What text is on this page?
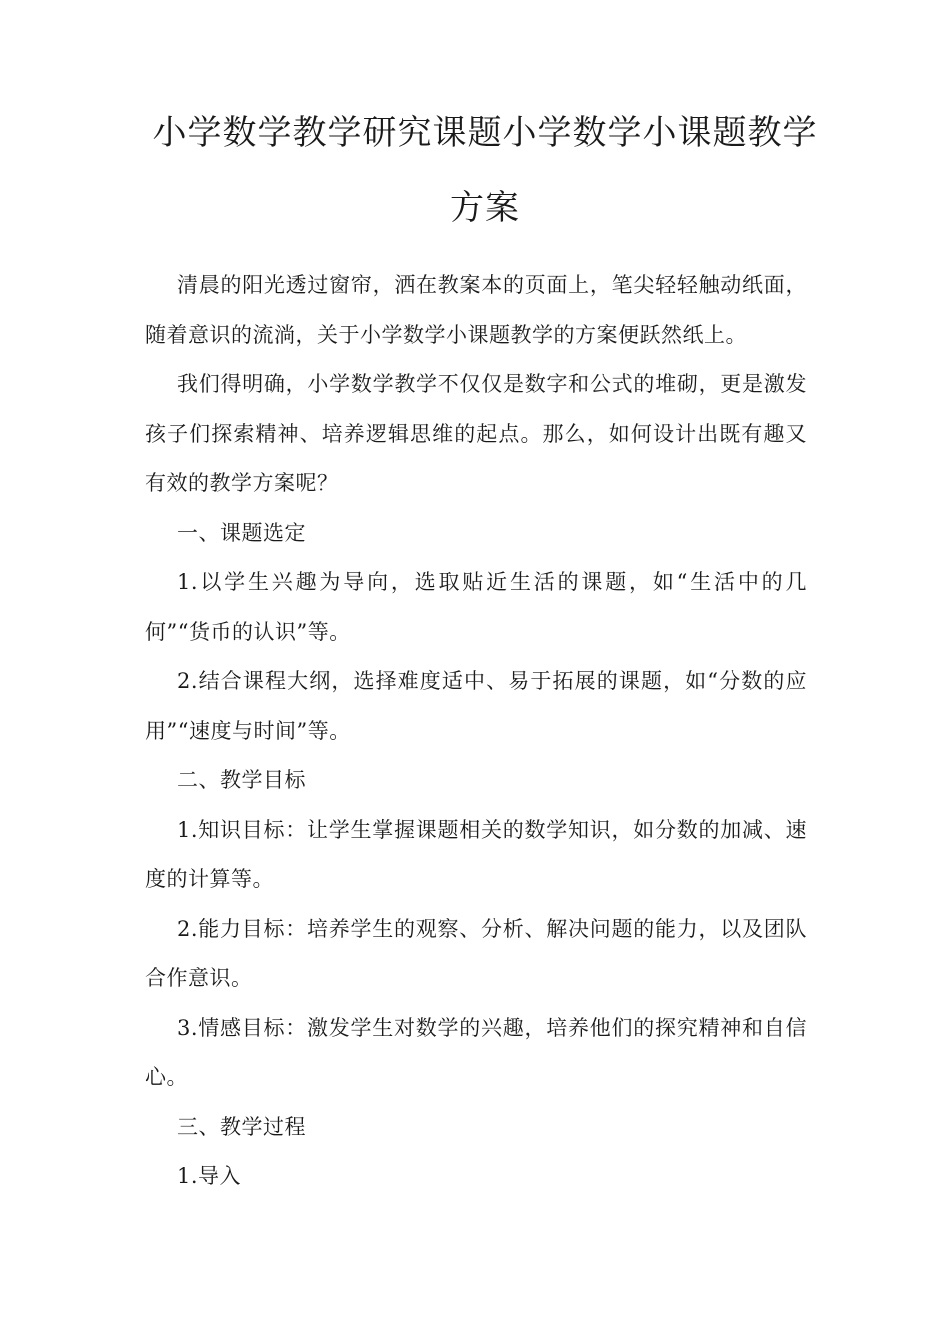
小学数学教学研究课题小学数学小课题教学
方案

清晨的阳光透过窗帘，洒在教案本的页面上，笔尖轻轻触动纸面，随着意识的流淌，关于小学数学小课题教学的方案便跃然纸上。

我们得明确，小学数学教学不仅仅是数字和公式的堆砌，更是激发孩子们探索精神、培养逻辑思维的起点。那么，如何设计出既有趣又有效的教学方案呢？

一、课题选定

1.以学生兴趣为导向，选取贴近生活的课题，如“生活中的几何”“货币的认识”等。

2.结合课程大纲，选择难度适中、易于拓展的课题，如“分数的应用”“速度与时间”等。

二、教学目标

1.知识目标：让学生掌握课题相关的数学知识，如分数的加减、速度的计算等。

2.能力目标：培养学生的观察、分析、解决问题的能力，以及团队合作意识。

3.情感目标：激发学生对数学的兴趣，培养他们的探究精神和自信心。

三、教学过程

1.导入
